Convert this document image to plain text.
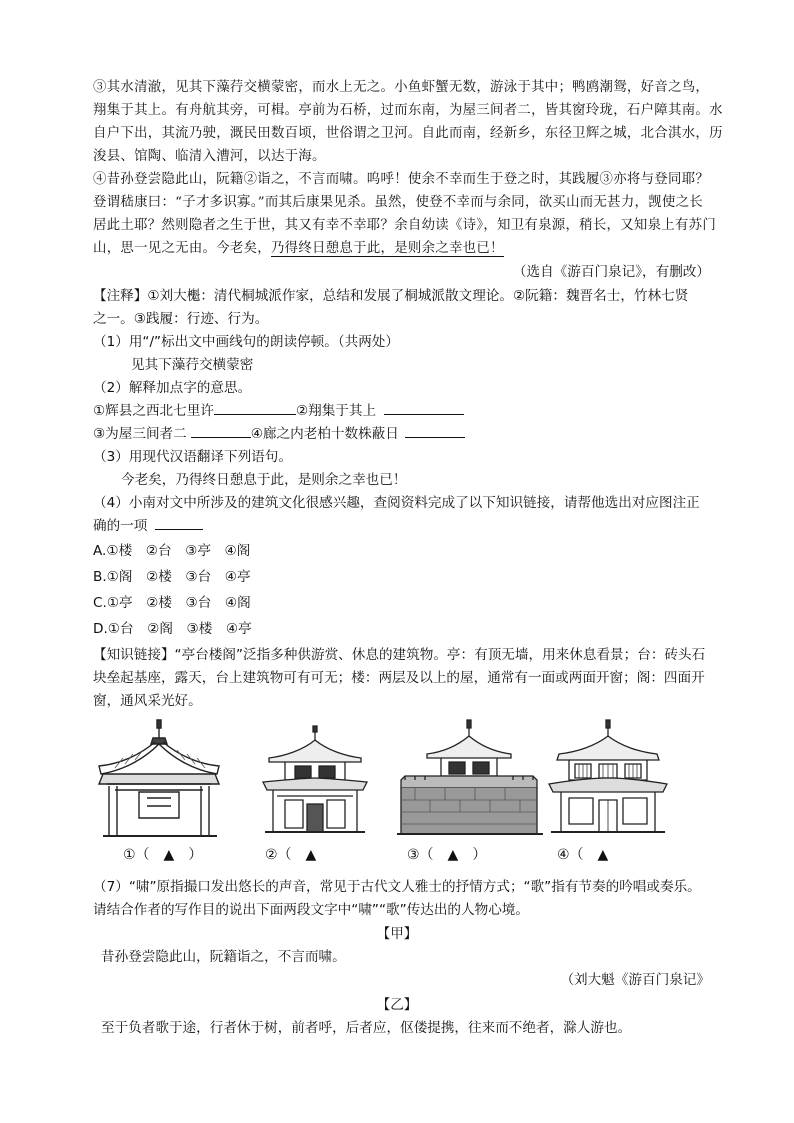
③其水清澈，见其下藻荇交横蒙密，而水上无之。小鱼虾蟹无数，游泳于其中；鸭鸥潮鸳，好音之鸟，
翔集于其上。有舟航其旁，可楫。亭前为石桥，过而东南，为屋三间者二，皆其窗玲珑，石户障其南。水
自户下出，其流乃驶，溉民田数百顷，世俗谓之卫河。自此而南，经新乡，东径卫辉之城，北合淇水，历
浚县、馆陶、临清入漕河，以达于海。
④昔孙登尝隐此山，阮籍②诣之，不言而啸。呜呼！使余不幸而生于登之时，其践履③亦将与登同耶？
登谓嵇康曰：“子才多识寡。”而其后康果见杀。虽然，使登不幸而与余同，欲买山而无甚力，觊使之长
居此土耶？然则隐者之生于世，其又有幸不幸耶？余自幼读《诗》，知卫有泉源，稍长，又知泉上有苏门
山，思一见之无由。今老矣，乃得终日憩息于此，是则余之幸也已！
（选自《游百门泉记》，有删改）
【注释】①刘大櫆：清代桐城派作家，总结和发展了桐城派散文理论。②阮籍：魏晋名士，竹林七贤
之一。③践履：行迹、行为。
（1）用“/”标出文中画线句的朗读停顿。（共两处）
见其下藻荇交横蒙密
（2）解释加点字的意思。
①辉县之西北七里许	②翔集于其上
③为屋三间者二	④廊之内老柏十数株蔽日
（3）用现代汉语翻译下列语句。
今老矣，乃得终日憩息于此，是则余之幸也已！
（4）小南对文中所涉及的建筑文化很感兴趣，查阅资料完成了以下知识链接，请帮他选出对应图注正
确的一项
A.①楼　②台　③亭　④阁
B.①阁　②楼　③台　④亭
C.①亭　②楼　③台　④阁
D.①台　②阁　③楼　④亭
【知识链接】“亭台楼阁”泛指多种供游赏、休息的建筑物。亭：有顶无墙，用来休息看景；台：砖头石
块垒起基座，露天，台上建筑物可有可无；楼：两层及以上的屋，通常有一面或两面开窗；阁：四面开
窗，通风采光好。
①（　▲　）	②（　▲	③（　▲　）	④（　▲
（7）“啸”原指撮口发出悠长的声音，常见于古代文人雅士的抒情方式；“歌”指有节奏的吟唱或奏乐。
请结合作者的写作目的说出下面两段文字中“啸”“歌”传达出的人物心境。
【甲】
昔孙登尝隐此山，阮籍诣之，不言而啸。
（刘大魁《游百门泉记》
【乙】
至于负者歌于途，行者休于树，前者呼，后者应，伛偻提携，往来而不绝者，滁人游也。
